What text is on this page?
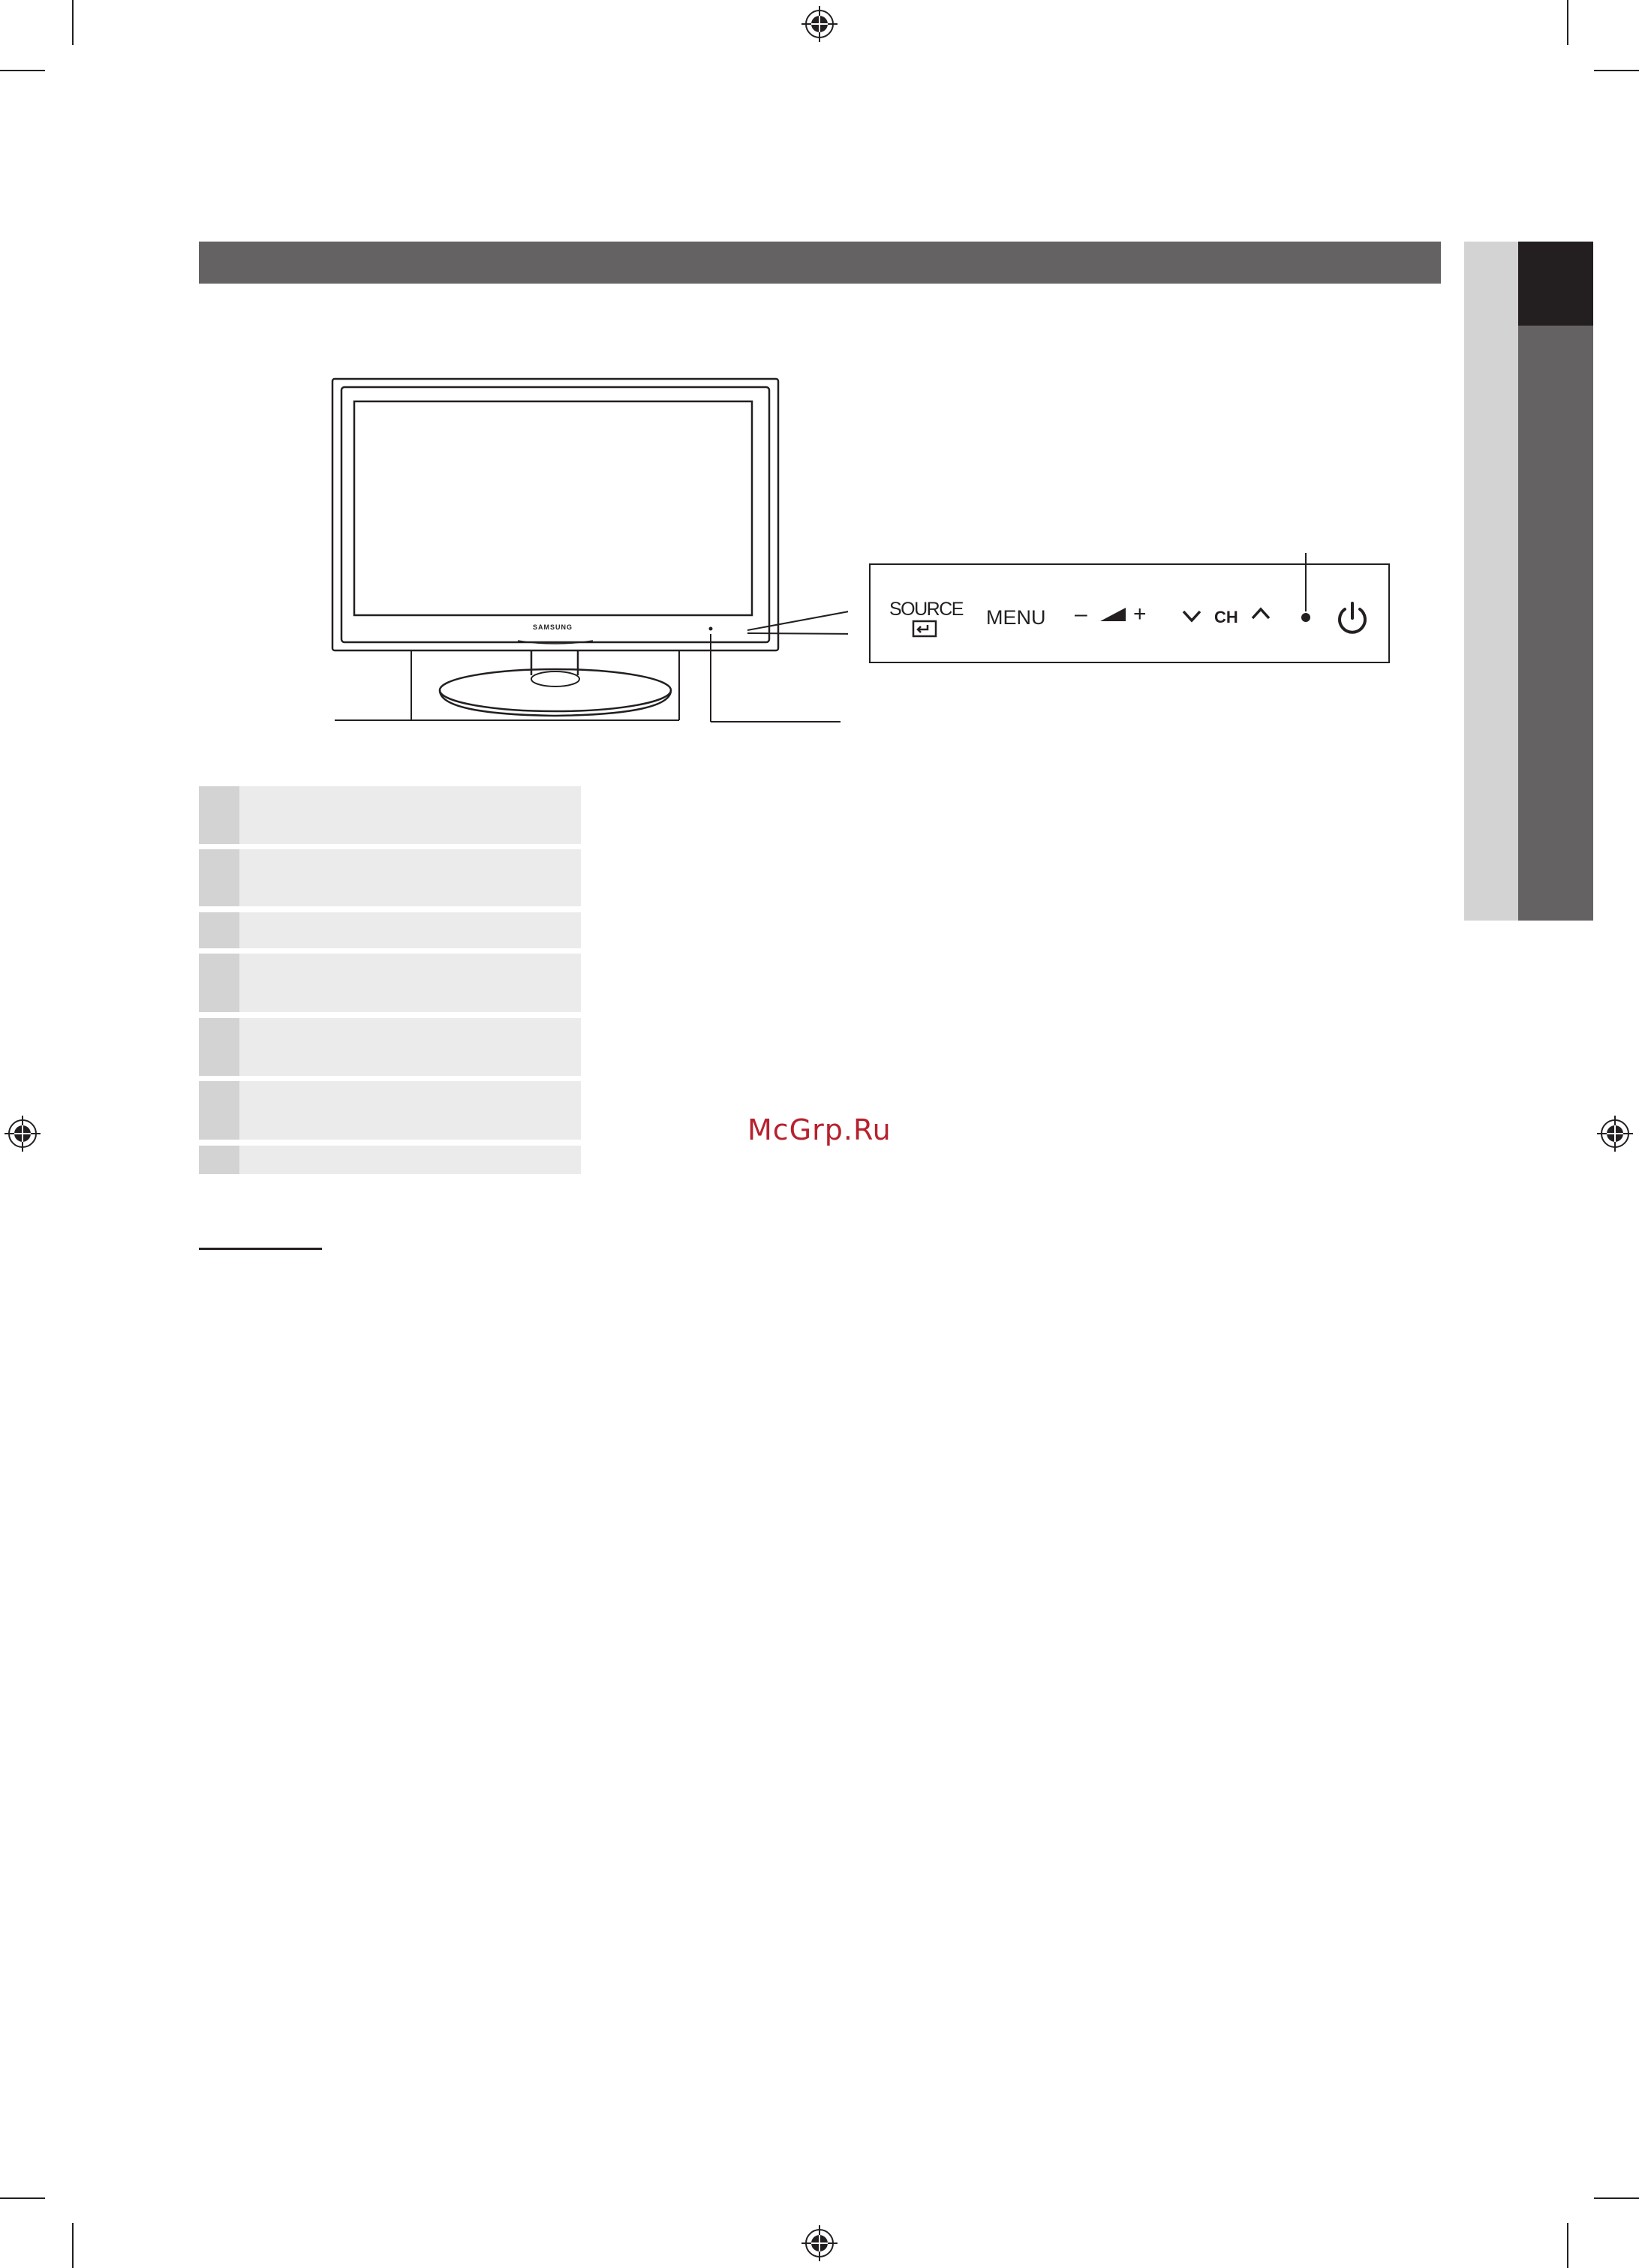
SAMSUNG
SOURCE MENU – +	CH
McGrp.Ru
